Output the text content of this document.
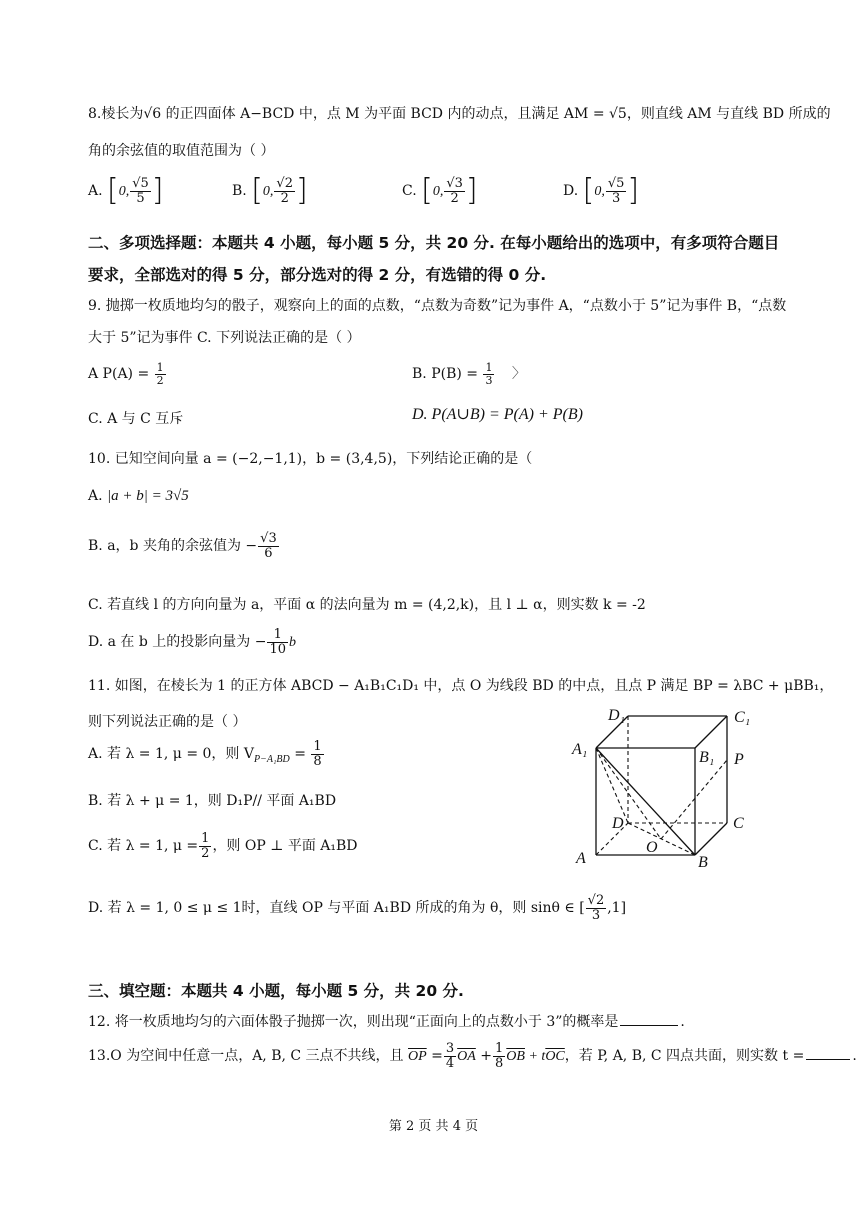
8.棱长为√6 的正四面体 A−BCD 中，点 M 为平面 BCD 内的动点，且满足 AM = √5，则直线 AM 与直线 BD 所成的
角的余弦值的取值范围为（ ）
A. [0, $\frac{√5}{5}$ ]	B. [0, $\frac{√2}{2}$ ]	C. [0, $\frac{√3}{2}$ ]	D. [0, $\frac{√5}{3}$ ]
二、多项选择题：本题共 4 小题，每小题 5 分，共 20 分. 在每小题给出的选项中，有多项符合题目
要求，全部选对的得 5 分，部分选对的得 2 分，有选错的得 0 分.
9. 抛掷一枚质地均匀的骰子，观察向上的面的点数，“点数为奇数”记为事件 A，“点数小于 5”记为事件 B，“点数
大于 5”记为事件 C. 下列说法正确的是（ ）
A $P(A) = \frac{1}{2}$	B. $P(B) = \frac{1}{3}$ 〉
C. A 与 C 互斥	D. P(A∪B) = P(A) + P(B)
10. 已知空间向量 a = (−2,−1,1)，b = (3,4,5)，下列结论正确的是（
A. |a + b| = 3√5
B. a，b 夹角的余弦值为 − $\frac{√3}{6}$
C. 若直线 l 的方向向量为 a，平面 α 的法向量为 m = (4,2,k)，且 l ⊥ α，则实数 k = -2
D. a 在 b 上的投影向量为 − $\frac{1}{10}$ b
11. 如图，在棱长为 1 的正方体 ABCD − A₁B₁C₁D₁ 中，点 O 为线段 BD 的中点，且点 P 满足 BP = λBC + μBB₁，
则下列说法正确的是（ ）
A. 若 λ = 1, μ = 0，则 $V_{P-A_1BD} = \frac{1}{8}$
B. 若 λ + μ = 1，则 D₁P// 平面 A₁BD
C. 若 λ = 1, $\mu = \frac{1}{2}$ ，则 OP ⊥ 平面 A₁BD
D. 若 λ = 1, 0 ≤ μ ≤ 1时，直线 OP 与平面 A₁BD 所成的角为 θ，则 sinθ ∈ [ $\frac{√2}{3} ,1$]
D₁	C₁
A₁	B₁ P
D	C
O
A	B
三、填空题：本题共 4 小题，每小题 5 分，共 20 分.
12. 将一枚质地均匀的六面体骰子抛掷一次，则出现“正面向上的点数小于 3”的概率是	.
13.O 为空间中任意一点，A, B, C 三点不共线，且 $\overline{OP} = \frac{3}{4} \overline{OA} + \frac{1}{8} \overline{OB} + t\overline{OC}$，若 P, A, B, C 四点共面，则实数 t =	.
第 2 页 共 4 页
